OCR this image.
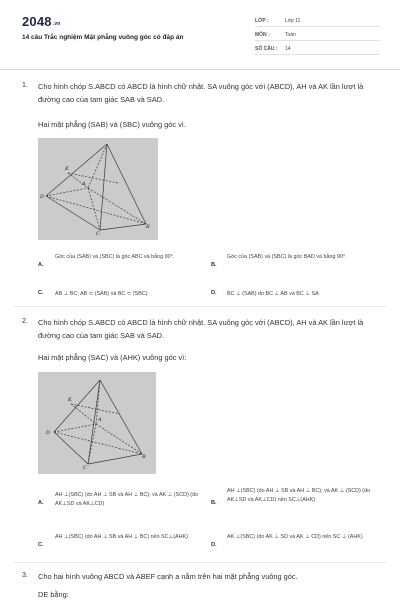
$2048_{.vn}$
14 câu Trắc nghiệm Mặt phẳng vuông góc có đáp án
LỚP :	Lớp 11
MÔN :	Toán
SỐ CÂU : 14
1. Cho hình chóp S.ABCD có ABCD là hình chữ nhật. SA vuông góc với (ABCD), AH và AK lần lượt là đường cao của tam giác SAB và SAD.
Hai mặt phẳng (SAB) và (SBC) vuông góc vì.
K
D
A
B
C
A.
Góc của (SAB) và (SBC) là góc ABC và bằng 90°.
B.
Góc của (SAB) và (SBC) là góc BAD và bằng 90°.
C. AB ⊥ BC; AB ⊂ (SAB) và BC ⊂ (SBC)	D. BC ⊥ (SAB) do BC ⊥ AB và BC ⊥ SA
2. Cho hình chóp S.ABCD có ABCD là hình chữ nhật. SA vuông góc với (ABCD), AH và AK lần lượt là đường cao của tam giác SAB và SAD.
Hai mặt phẳng (SAC) và (AHK) vuông góc vì:
K
D
A
B
C
A.
AH ⊥(SBC) (do AH ⊥ SB và AH ⊥ BC); và AK ⊥ (SCD) (do AK⊥SD và AK⊥CD)	B.
AH ⊥(SBC) (do AH ⊥ SB và AH ⊥ BC); và AK ⊥ (SCD) (do AK⊥SD và AK⊥CD) nên SC⊥(AHK)
C.
AH ⊥(SBC) (do AH ⊥ SB và AH ⊥ BC) nên SC⊥(AHK)
D.
AK ⊥(SBC) (do AK ⊥ SD và AK ⊥ CD) nên SC ⊥ (AHK)
3. Cho hai hình vuông ABCD và ABEF cạnh a nằm trên hai mặt phẳng vuông góc.
DE bằng:
